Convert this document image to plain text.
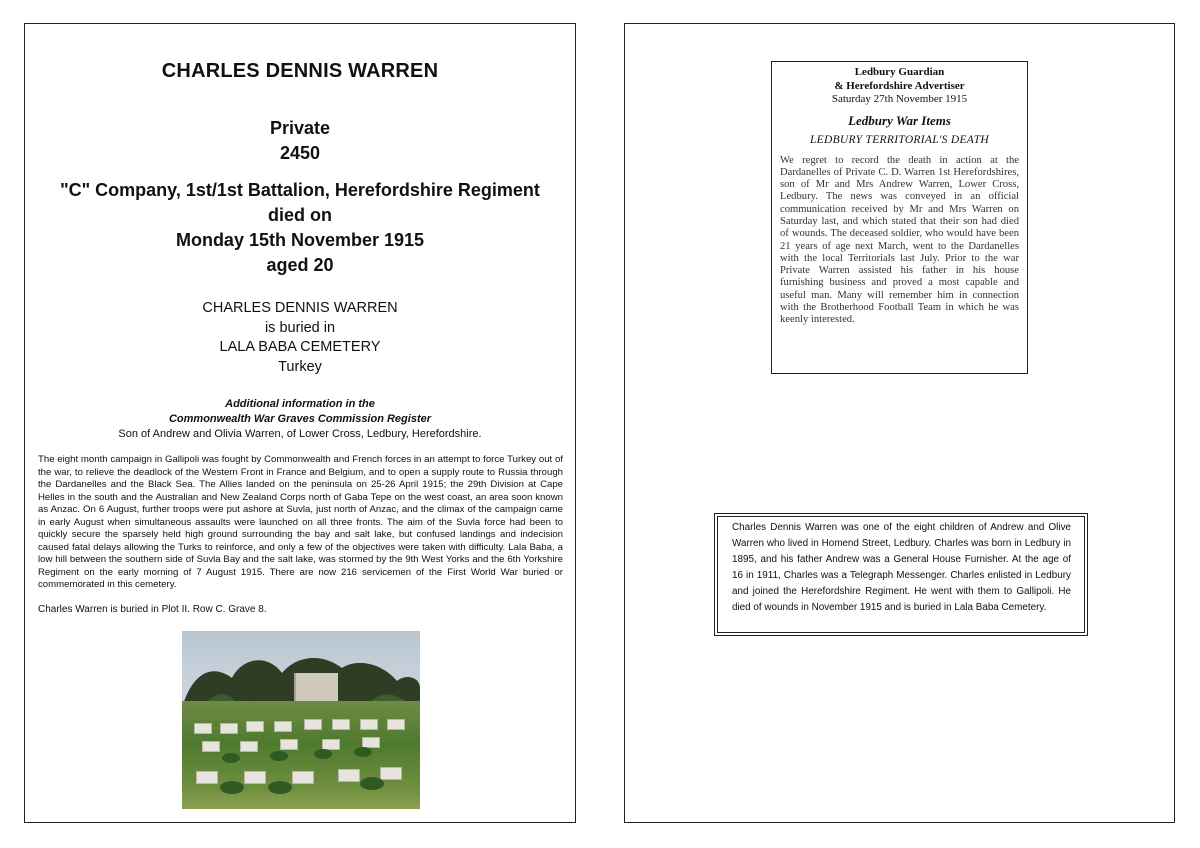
CHARLES DENNIS WARREN
Private
2450
"C" Company, 1st/1st Battalion, Herefordshire Regiment
died on
Monday 15th November 1915
aged 20
CHARLES DENNIS WARREN
is buried in
LALA BABA CEMETERY
Turkey
Additional information in the
Commonwealth War Graves Commission Register
Son of Andrew and Olivia Warren, of Lower Cross, Ledbury, Herefordshire.

The eight month campaign in Gallipoli was fought by Commonwealth and French forces in an attempt to force Turkey out of the war, to relieve the deadlock of the Western Front in France and Belgium, and to open a supply route to Russia through the Dardanelles and the Black Sea. The Allies landed on the peninsula on 25-26 April 1915; the 29th Division at Cape Helles in the south and the Australian and New Zealand Corps north of Gaba Tepe on the west coast, an area soon known as Anzac. On 6 August, further troops were put ashore at Suvla, just north of Anzac, and the climax of the campaign came in early August when simultaneous assaults were launched on all three fronts. The aim of the Suvla force had been to quickly secure the sparsely held high ground surrounding the bay and salt lake, but confused landings and indecision caused fatal delays allowing the Turks to reinforce, and only a few of the objectives were taken with difficulty. Lala Baba, a low hill between the southern side of Suvla Bay and the salt lake, was stormed by the 9th West Yorks and the 6th Yorkshire Regiment on the early morning of 7 August 1915. There are now 216 servicemen of the First World War buried or commemorated in this cemetery.

Charles Warren is buried in Plot II. Row C. Grave 8.
Ledbury Guardian
& Herefordshire Advertiser
Saturday 27th November 1915
Ledbury War Items
LEDBURY TERRITORIAL'S DEATH
We regret to record the death in action at the Dardanelles of Private C. D. Warren 1st Herefordshires, son of Mr and Mrs Andrew Warren, Lower Cross, Ledbury. The news was conveyed in an official communication received by Mr and Mrs Warren on Saturday last, and which stated that their son had died of wounds. The deceased soldier, who would have been 21 years of age next March, went to the Dardanelles with the local Territorials last July. Prior to the war Private Warren assisted his father in his house furnishing business and proved a most capable and useful man. Many will remember him in connection with the Brotherhood Football Team in which he was keenly interested.
Charles Dennis Warren was one of the eight children of Andrew and Olive Warren who lived in Homend Street, Ledbury. Charles was born in Ledbury in 1895, and his father Andrew was a General House Furnisher. At the age of 16 in 1911, Charles was a Telegraph Messenger. Charles enlisted in Ledbury and joined the Herefordshire Regiment. He went with them to Gallipoli. He died of wounds in November 1915 and is buried in Lala Baba Cemetery.
